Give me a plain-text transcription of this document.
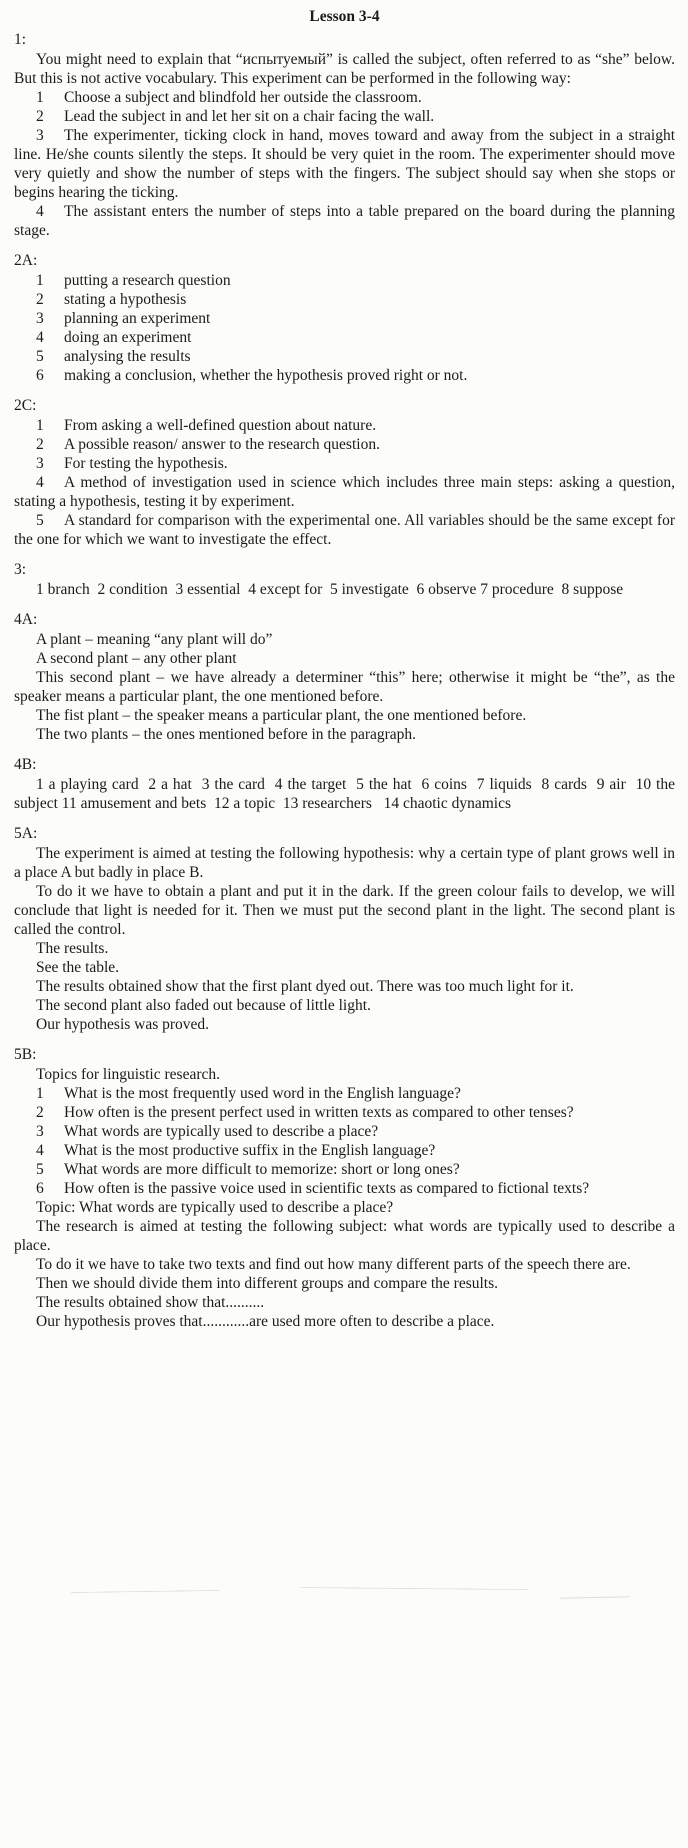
Lesson 3-4
1:

You might need to explain that “испытуемый” is called the subject, often referred to as “she” below. But this is not active vocabulary. This experiment can be performed in the following way:

1 Choose a subject and blindfold her outside the classroom.

2 Lead the subject in and let her sit on a chair facing the wall.

3 The experimenter, ticking clock in hand, moves toward and away from the subject in a straight line. He/she counts silently the steps. It should be very quiet in the room. The experimenter should move very quietly and show the number of steps with the fingers. The subject should say when she stops or begins hearing the ticking.

4 The assistant enters the number of steps into a table prepared on the board during the planning stage.

2A:

1 putting a research question

2 stating a hypothesis

3 planning an experiment

4 doing an experiment

5 analysing the results

6 making a conclusion, whether the hypothesis proved right or not.

2C:

1 From asking a well-defined question about nature.

2 A possible reason/ answer to the research question.

3 For testing the hypothesis.

4 A method of investigation used in science which includes three main steps: asking a question, stating a hypothesis, testing it by experiment.

5 A standard for comparison with the experimental one. All variables should be the same except for the one for which we want to investigate the effect.

3:

1 branch  2 condition  3 essential  4 except for  5 investigate  6 observe 7 procedure  8 suppose

4A:

A plant – meaning “any plant will do”

A second plant – any other plant

This second plant – we have already a determiner “this” here; otherwise it might be “the”, as the speaker means a particular plant, the one mentioned before.

The fist plant – the speaker means a particular plant, the one mentioned before.

The two plants – the ones mentioned before in the paragraph.

4B:

1 a playing card  2 a hat  3 the card  4 the target  5 the hat  6 coins  7 liquids  8 cards  9 air  10 the subject 11 amusement and bets  12 a topic  13 researchers   14 chaotic dynamics

5A:

The experiment is aimed at testing the following hypothesis: why a certain type of plant grows well in a place A but badly in place B.

To do it we have to obtain a plant and put it in the dark. If the green colour fails to develop, we will conclude that light is needed for it. Then we must put the second plant in the light. The second plant is called the control.

The results.

See the table.

The results obtained show that the first plant dyed out. There was too much light for it.

The second plant also faded out because of little light.

Our hypothesis was proved.

5B:

Topics for linguistic research.

1 What is the most frequently used word in the English language?

2 How often is the present perfect used in written texts as compared to other tenses?

3 What words are typically used to describe a place?

4 What is the most productive suffix in the English language?

5 What words are more difficult to memorize: short or long ones?

6 How often is the passive voice used in scientific texts as compared to fictional texts?

Topic: What words are typically used to describe a place?

The research is aimed at testing the following subject: what words are typically used to describe a place.

To do it we have to take two texts and find out how many different parts of the speech there are.

Then we should divide them into different groups and compare the results.

The results obtained show that..........

Our hypothesis proves that............are used more often to describe a place.
